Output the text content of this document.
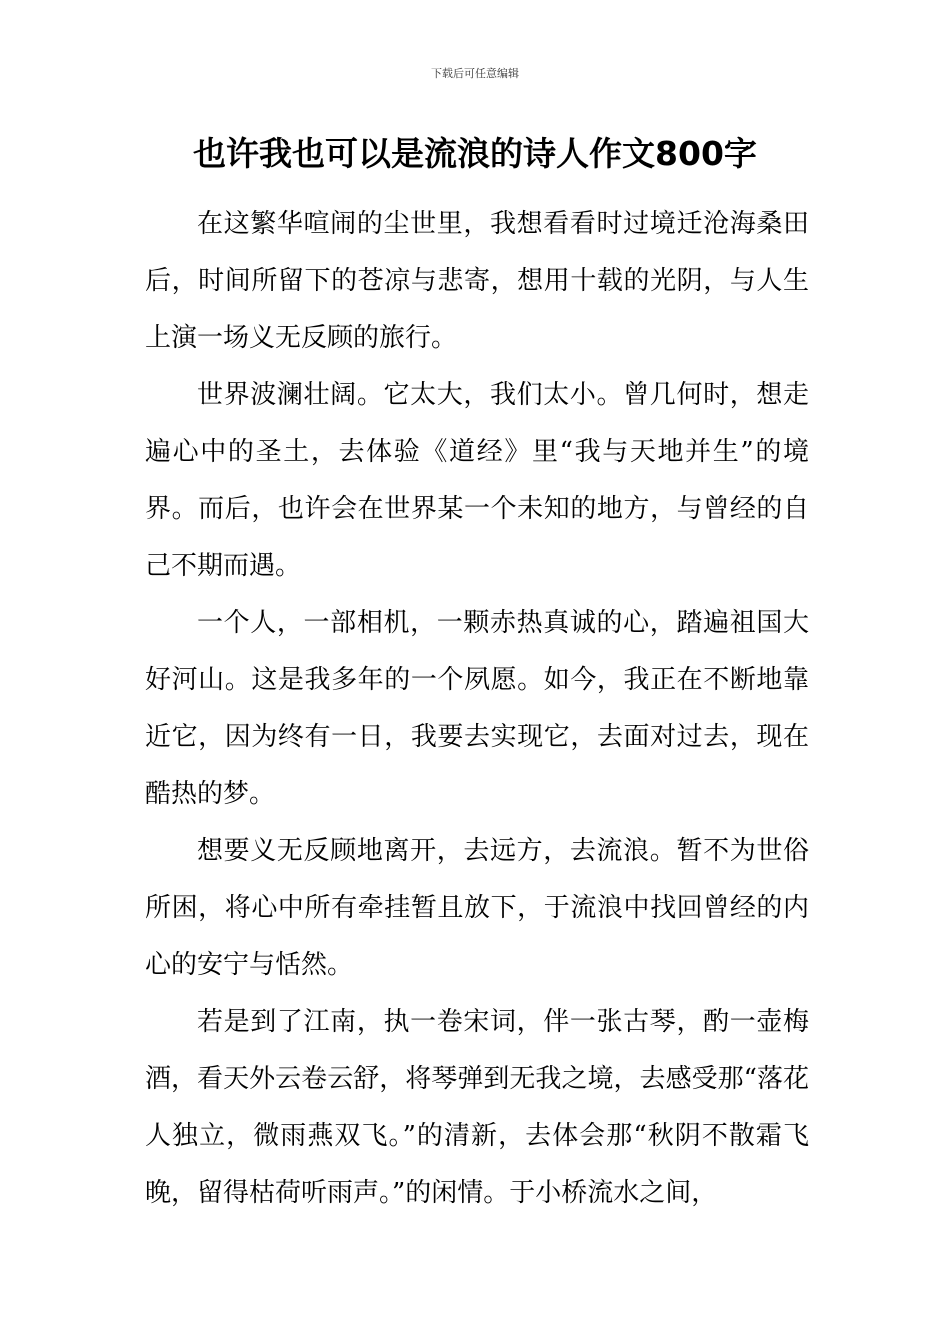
下载后可任意编辑
也许我也可以是流浪的诗人作文800字

在这繁华喧闹的尘世里，我想看看时过境迁沧海桑田后，时间所留下的苍凉与悲寄，想用十载的光阴，与人生上演一场义无反顾的旅行。

世界波澜壮阔。它太大，我们太小。曾几何时，想走遍心中的圣土，去体验《道经》里“我与天地并生”的境界。而后，也许会在世界某一个未知的地方，与曾经的自己不期而遇。

一个人，一部相机，一颗赤热真诚的心，踏遍祖国大好河山。这是我多年的一个夙愿。如今，我正在不断地靠近它，因为终有一日，我要去实现它，去面对过去，现在酷热的梦。

想要义无反顾地离开，去远方，去流浪。暂不为世俗所困，将心中所有牵挂暂且放下，于流浪中找回曾经的内心的安宁与恬然。

若是到了江南，执一卷宋词，伴一张古琴，酌一壶梅酒，看天外云卷云舒，将琴弹到无我之境，去感受那“落花人独立，微雨燕双飞。”的清新，去体会那“秋阴不散霜飞晚，留得枯荷听雨声。”的闲情。于小桥流水之间，
